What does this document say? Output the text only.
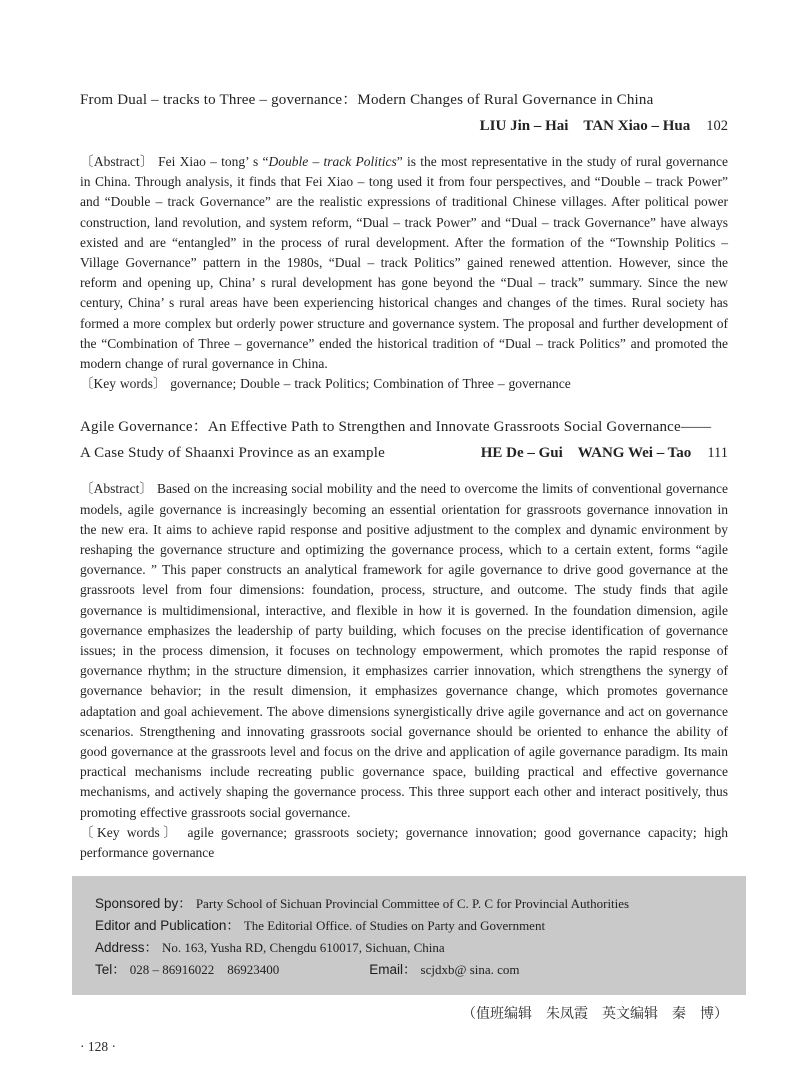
From Dual – tracks to Three – governance：Modern Changes of Rural Governance in China
LIU Jin – Hai　TAN Xiao – Hua 102

〔Abstract〕 Fei Xiao – tong’ s “Double – track Politics” is the most representative in the study of rural governance in China. Through analysis, it finds that Fei Xiao – tong used it from four perspectives, and “Double – track Power” and “Double – track Governance” are the realistic expressions of traditional Chinese villages. After political power construction, land revolution, and system reform, “Dual – track Power” and “Dual – track Governance” have always existed and are “entangled” in the process of rural development. After the formation of the “Township Politics – Village Governance” pattern in the 1980s, “Dual – track Politics” gained renewed attention. However, since the reform and opening up, China’ s rural development has gone beyond the “Dual – track” summary. Since the new century, China’ s rural areas have been experiencing historical changes and changes of the times. Rural society has formed a more complex but orderly power structure and governance system. The proposal and further development of the “Combination of Three – governance” ended the historical tradition of “Dual – track Politics” and promoted the modern change of rural governance in China.

〔Key words〕 governance; Double – track Politics; Combination of Three – governance

Agile Governance：An Effective Path to Strengthen and Innovate Grassroots Social Governance——
A Case Study of Shaanxi Province as an example	HE De – Gui　WANG Wei – Tao 111

〔Abstract〕 Based on the increasing social mobility and the need to overcome the limits of conventional governance models, agile governance is increasingly becoming an essential orientation for grassroots governance innovation in the new era. It aims to achieve rapid response and positive adjustment to the complex and dynamic environment by reshaping the governance structure and optimizing the governance process, which to a certain extent, forms “agile governance. ” This paper constructs an analytical framework for agile governance to drive good governance at the grassroots level from four dimensions: foundation, process, structure, and outcome. The study finds that agile governance is multidimensional, interactive, and flexible in how it is governed. In the foundation dimension, agile governance emphasizes the leadership of party building, which focuses on the precise identification of governance issues; in the process dimension, it focuses on technology empowerment, which promotes the rapid response of governance rhythm; in the structure dimension, it emphasizes carrier innovation, which strengthens the synergy of governance behavior; in the result dimension, it emphasizes governance change, which promotes governance adaptation and goal achievement. The above dimensions synergistically drive agile governance and act on governance scenarios. Strengthening and innovating grassroots social governance should be oriented to enhance the ability of good governance at the grassroots level and focus on the drive and application of agile governance paradigm. Its main practical mechanisms include recreating public governance space, building practical and effective governance mechanisms, and actively shaping the governance process. This three support each other and interact positively, thus promoting effective grassroots social governance.

〔Key words〕 agile governance; grassroots society; governance innovation; good governance capacity; high performance governance

Sponsored by： Party School of Sichuan Provincial Committee of C. P. C for Provincial Authorities
Editor and Publication： The Editorial Office. of Studies on Party and Government
Address： No. 163, Yusha RD, Chengdu 610017, Sichuan, China
Tel： 028 – 86916022　86923400	Email： scjdxb@ sina. com
（值班编辑　朱凤霞　英文编辑　秦　博）
· 128 ·
